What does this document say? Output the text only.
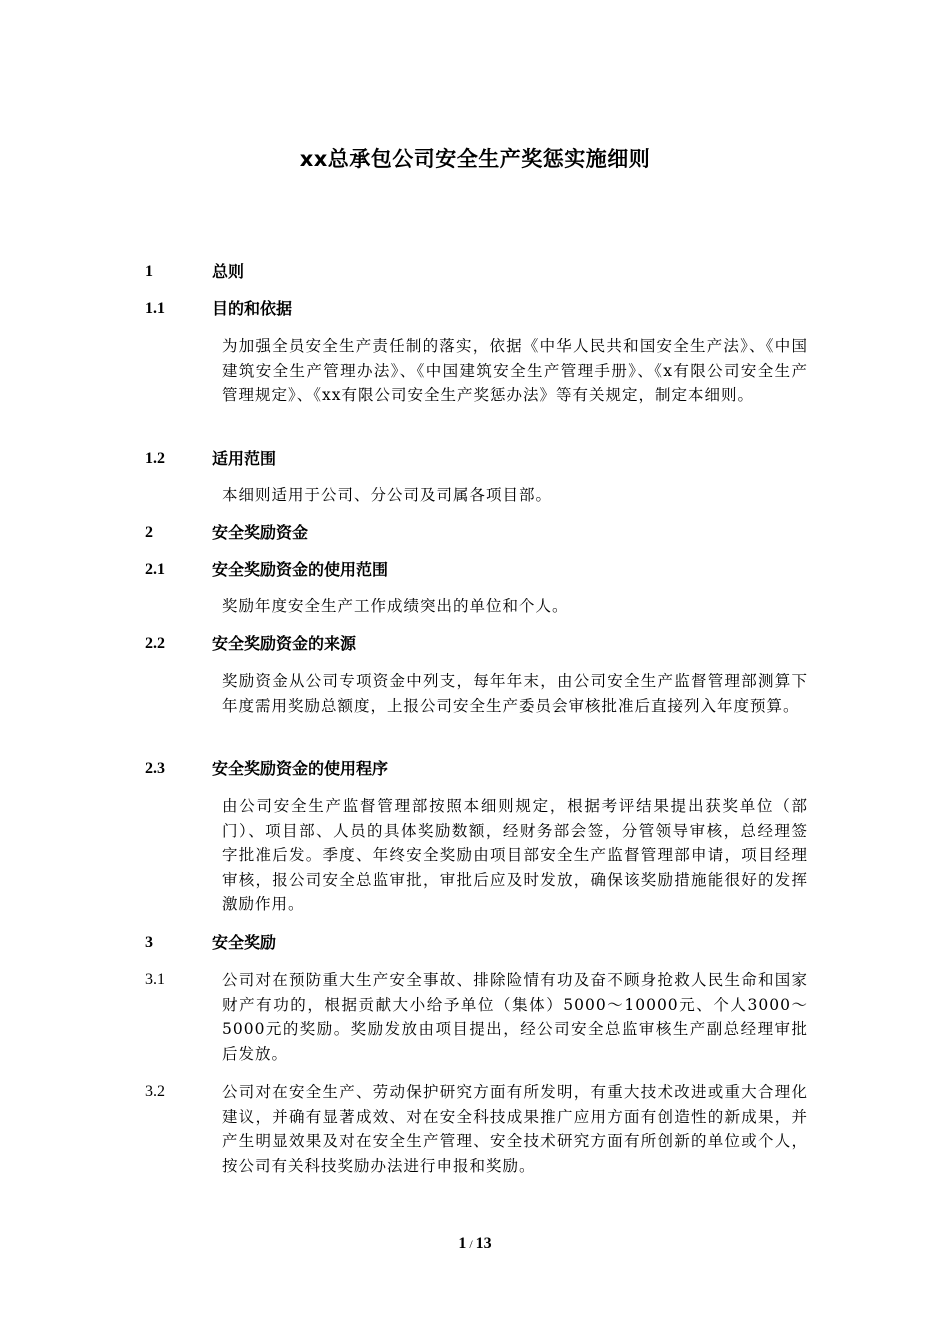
xx总承包公司安全生产奖惩实施细则
1	总则
1.1	目的和依据
为加强全员安全生产责任制的落实，依据《中华人民共和国安全生产法》、《中国建筑安全生产管理办法》、《中国建筑安全生产管理手册》、《x有限公司安全生产管理规定》、《xx有限公司安全生产奖惩办法》等有关规定，制定本细则。
1.2	适用范围
本细则适用于公司、分公司及司属各项目部。
2	安全奖励资金
2.1	安全奖励资金的使用范围
奖励年度安全生产工作成绩突出的单位和个人。
2.2	安全奖励资金的来源
奖励资金从公司专项资金中列支，每年年末，由公司安全生产监督管理部测算下年度需用奖励总额度，上报公司安全生产委员会审核批准后直接列入年度预算。
2.3	安全奖励资金的使用程序
由公司安全生产监督管理部按照本细则规定，根据考评结果提出获奖单位（部门）、项目部、人员的具体奖励数额，经财务部会签，分管领导审核，总经理签字批准后发。季度、年终安全奖励由项目部安全生产监督管理部申请，项目经理审核，报公司安全总监审批，审批后应及时发放，确保该奖励措施能很好的发挥激励作用。
3	安全奖励
3.1	公司对在预防重大生产安全事故、排除险情有功及奋不顾身抢救人民生命和国家财产有功的，根据贡献大小给予单位（集体）5000～10000元、个人3000～5000元的奖励。奖励发放由项目提出，经公司安全总监审核生产副总经理审批后发放。
3.2	公司对在安全生产、劳动保护研究方面有所发明，有重大技术改进或重大合理化建议，并确有显著成效、对在安全科技成果推广应用方面有创造性的新成果，并产生明显效果及对在安全生产管理、安全技术研究方面有所创新的单位或个人，按公司有关科技奖励办法进行申报和奖励。
1 / 13
